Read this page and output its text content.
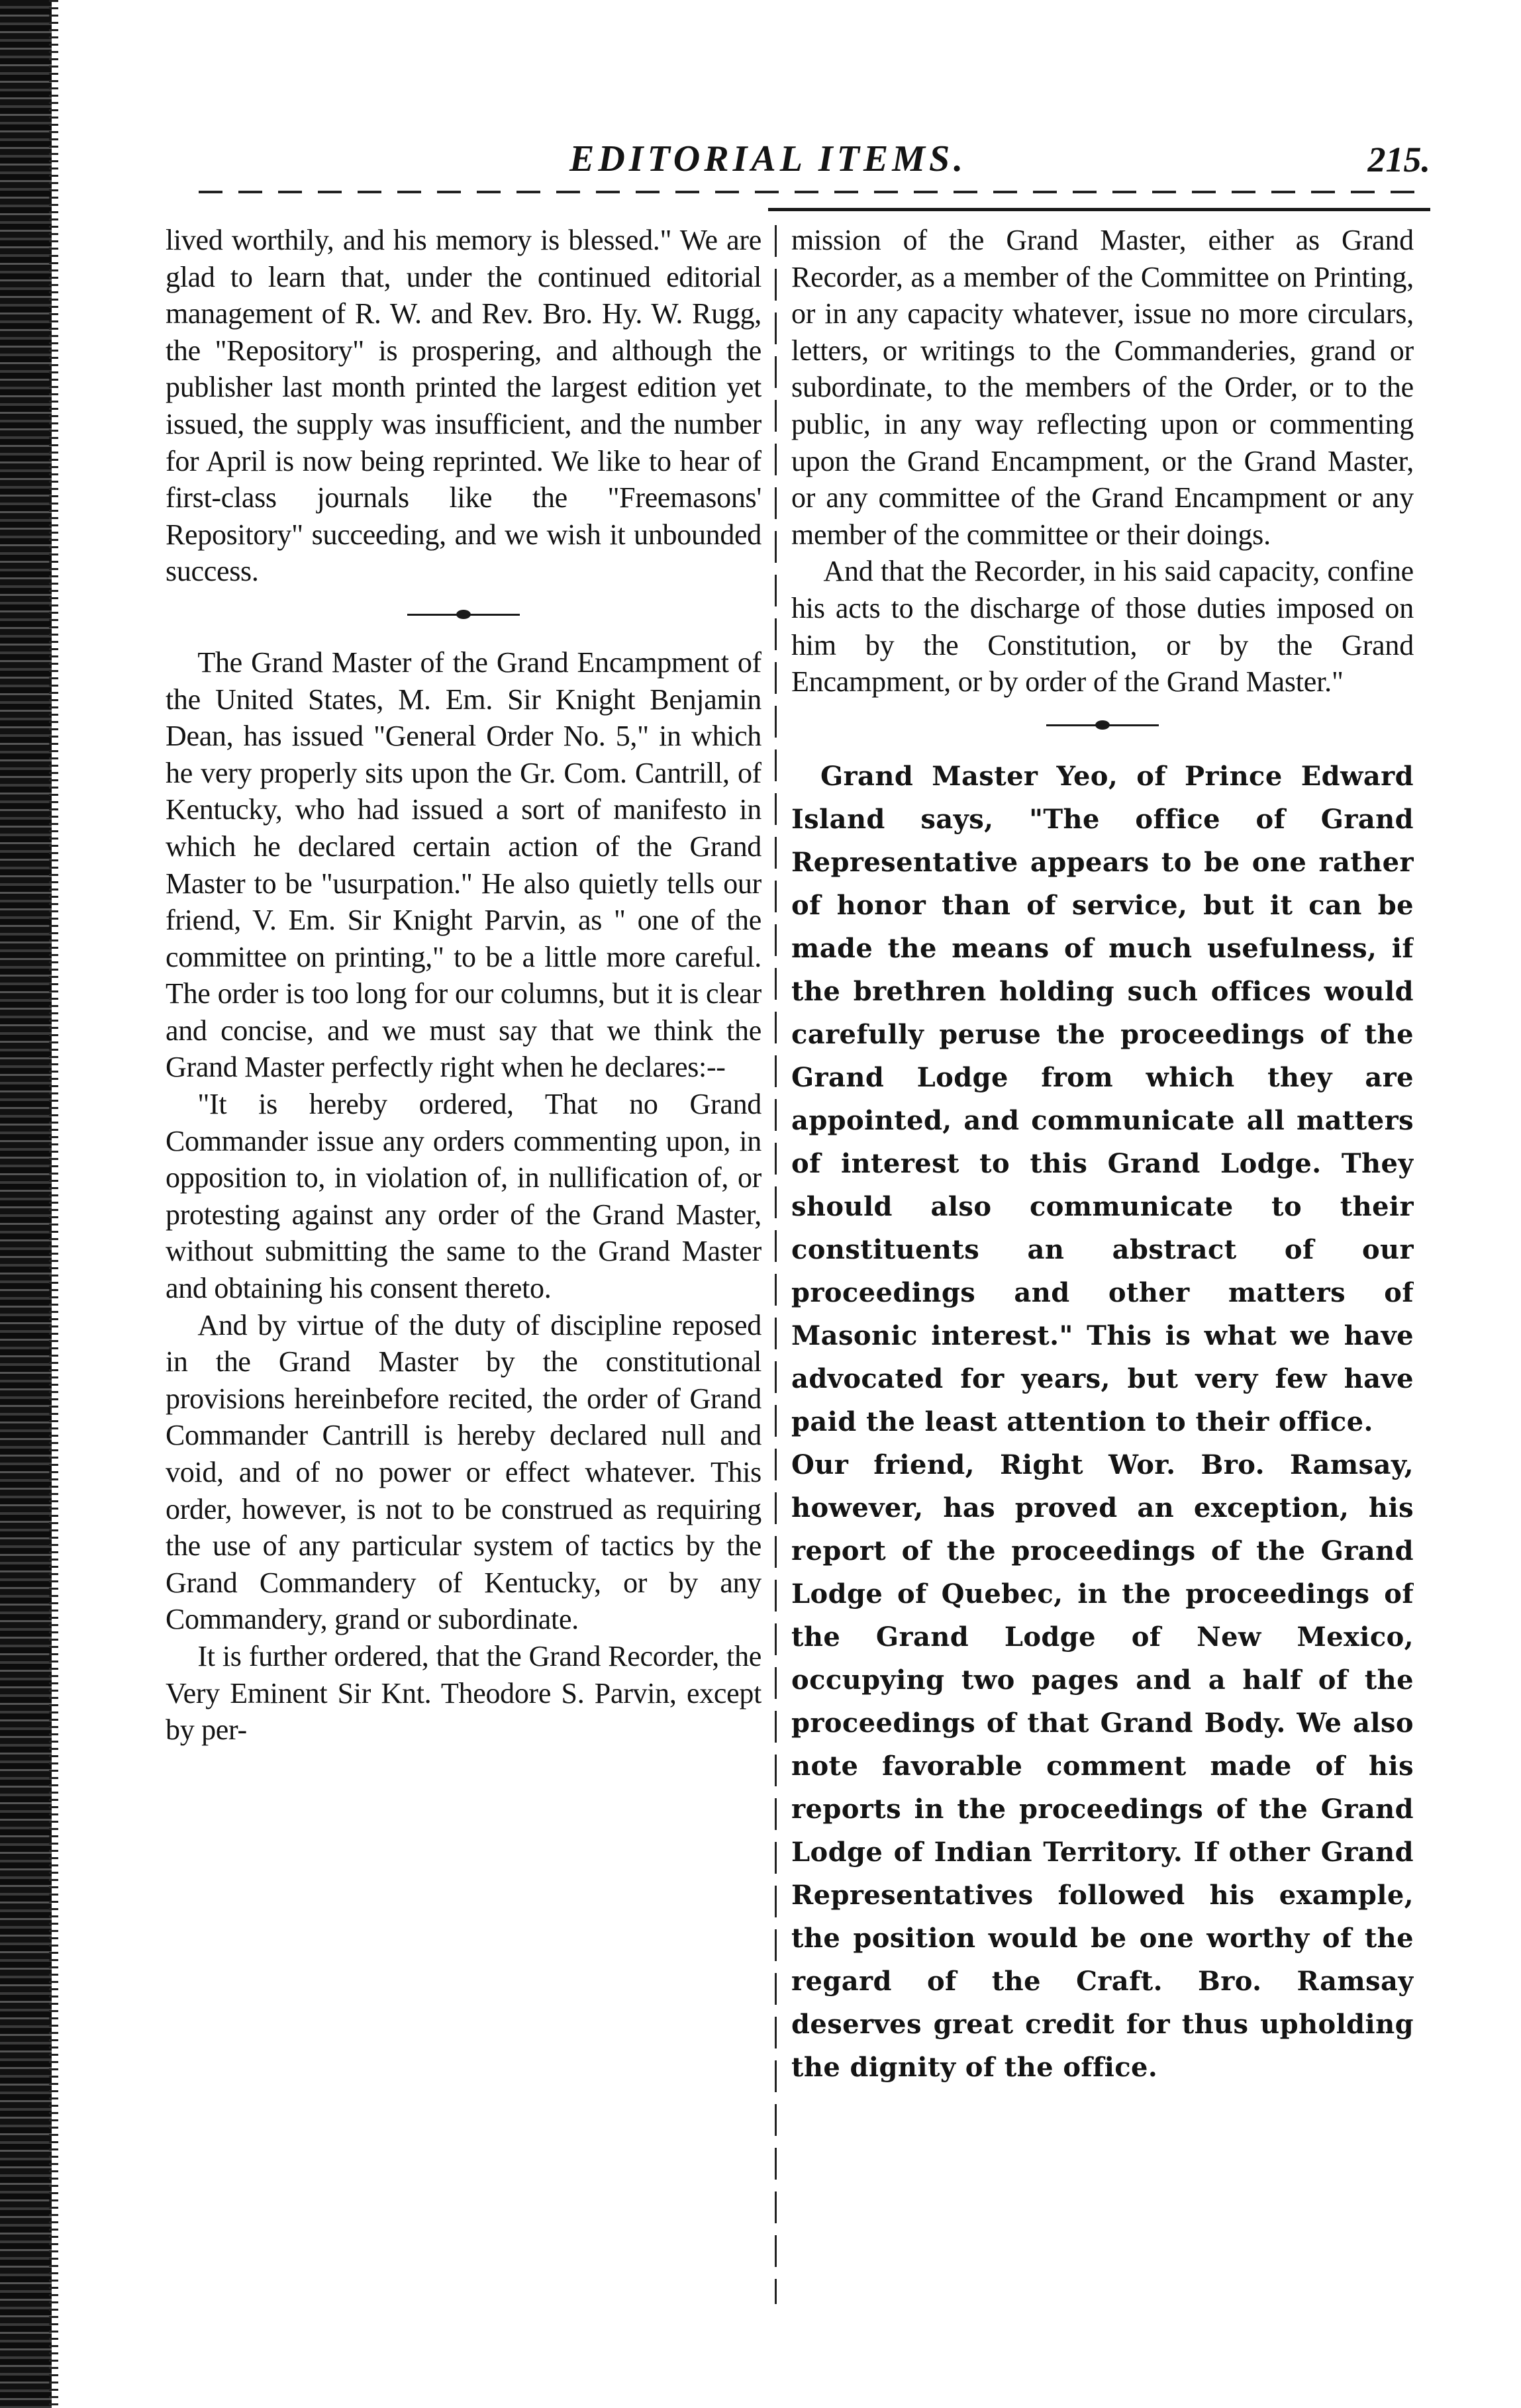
EDITORIAL ITEMS.	215.

lived worthily, and his memory is blessed." We are glad to learn that, under the continued editorial management of R. W. and Rev. Bro. Hy. W. Rugg, the "Repository" is prospering, and although the publisher last month printed the largest edition yet issued, the supply was insufficient, and the number for April is now being reprinted. We like to hear of first-class journals like the "Freemasons' Repository" succeeding, and we wish it unbounded success.

The Grand Master of the Grand Encampment of the United States, M. Em. Sir Knight Benjamin Dean, has issued "General Order No. 5," in which he very properly sits upon the Gr. Com. Cantrill, of Kentucky, who had issued a sort of manifesto in which he declared certain action of the Grand Master to be "usurpation." He also quietly tells our friend, V. Em. Sir Knight Parvin, as " one of the committee on printing," to be a little more careful. The order is too long for our columns, but it is clear and concise, and we must say that we think the Grand Master perfectly right when he declares:--

"It is hereby ordered, That no Grand Commander issue any orders commenting upon, in opposition to, in violation of, in nullification of, or protesting against any order of the Grand Master, without submitting the same to the Grand Master and obtaining his consent thereto.

And by virtue of the duty of discipline reposed in the Grand Master by the constitutional provisions hereinbefore recited, the order of Grand Commander Cantrill is hereby declared null and void, and of no power or effect whatever. This order, however, is not to be construed as requiring the use of any particular system of tactics by the Grand Commandery of Kentucky, or by any Commandery, grand or subordinate.

It is further ordered, that the Grand Recorder, the Very Eminent Sir Knt. Theodore S. Parvin, except by per-

mission of the Grand Master, either as Grand Recorder, as a member of the Committee on Printing, or in any capacity whatever, issue no more circulars, letters, or writings to the Commanderies, grand or subordinate, to the members of the Order, or to the public, in any way reflecting upon or commenting upon the Grand Encampment, or the Grand Master, or any committee of the Grand Encampment or any member of the committee or their doings.

And that the Recorder, in his said capacity, confine his acts to the discharge of those duties imposed on him by the Constitution, or by the Grand Encampment, or by order of the Grand Master."

Grand Master Yeo, of Prince Edward Island says, "The office of Grand Representative appears to be one rather of honor than of service, but it can be made the means of much usefulness, if the brethren holding such offices would carefully peruse the proceedings of the Grand Lodge from which they are appointed, and communicate all matters of interest to this Grand Lodge. They should also communicate to their constituents an abstract of our proceedings and other matters of Masonic interest." This is what we have advocated for years, but very few have paid the least attention to their office.

Our friend, Right Wor. Bro. Ramsay, however, has proved an exception, his report of the proceedings of the Grand Lodge of Quebec, in the proceedings of the Grand Lodge of New Mexico, occupying two pages and a half of the proceedings of that Grand Body. We also note favorable comment made of his reports in the proceedings of the Grand Lodge of Indian Territory. If other Grand Representatives followed his example, the position would be one worthy of the regard of the Craft. Bro. Ramsay deserves great credit for thus upholding the dignity of the office.
